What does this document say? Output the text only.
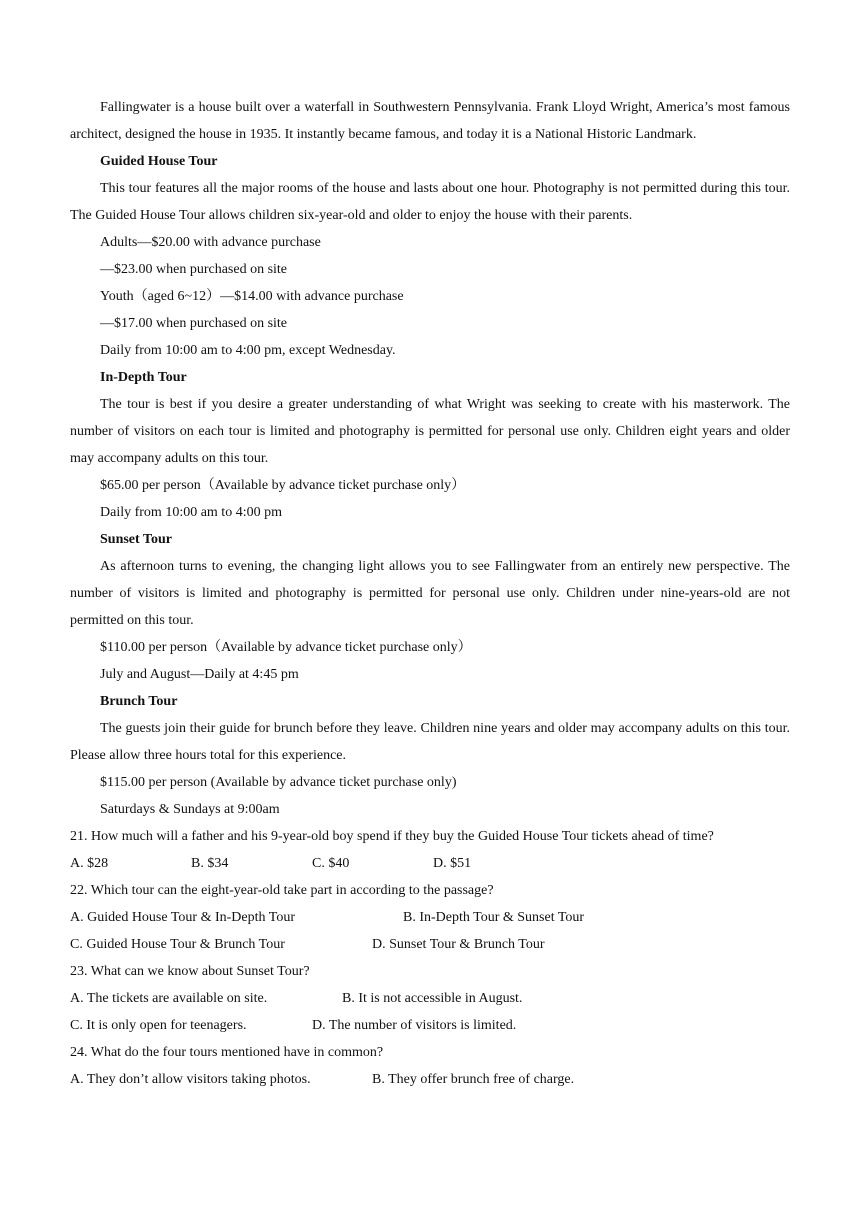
Fallingwater is a house built over a waterfall in Southwestern Pennsylvania. Frank Lloyd Wright, America’s most famous architect, designed the house in 1935. It instantly became famous, and today it is a National Historic Landmark.

Guided House Tour

This tour features all the major rooms of the house and lasts about one hour. Photography is not permitted during this tour. The Guided House Tour allows children six-year-old and older to enjoy the house with their parents.

Adults—$20.00 with advance purchase

—$23.00 when purchased on site

Youth（aged 6~12）—$14.00 with advance purchase

—$17.00 when purchased on site

Daily from 10:00 am to 4:00 pm, except Wednesday.

In-Depth Tour

The tour is best if you desire a greater understanding of what Wright was seeking to create with his masterwork. The number of visitors on each tour is limited and photography is permitted for personal use only. Children eight years and older may accompany adults on this tour.

$65.00 per person（Available by advance ticket purchase only）

Daily from 10:00 am to 4:00 pm

Sunset Tour

As afternoon turns to evening, the changing light allows you to see Fallingwater from an entirely new perspective. The number of visitors is limited and photography is permitted for personal use only. Children under nine-years-old are not permitted on this tour.

$110.00 per person（Available by advance ticket purchase only）

July and August—Daily at 4:45 pm

Brunch Tour

The guests join their guide for brunch before they leave. Children nine years and older may accompany adults on this tour. Please allow three hours total for this experience.

$115.00 per person (Available by advance ticket purchase only)

Saturdays & Sundays at 9:00am

21. How much will a father and his 9-year-old boy spend if they buy the Guided House Tour tickets ahead of time?

A. $28	B. $34	C. $40	D. $51

22. Which tour can the eight-year-old take part in according to the passage?

A. Guided House Tour & In-Depth Tour	B. In-Depth Tour & Sunset Tour
C. Guided House Tour & Brunch Tour	D. Sunset Tour & Brunch Tour

23. What can we know about Sunset Tour?

A. The tickets are available on site.	B. It is not accessible in August.
C. It is only open for teenagers.	D. The number of visitors is limited.

24. What do the four tours mentioned have in common?

A. They don’t allow visitors taking photos.	B. They offer brunch free of charge.
